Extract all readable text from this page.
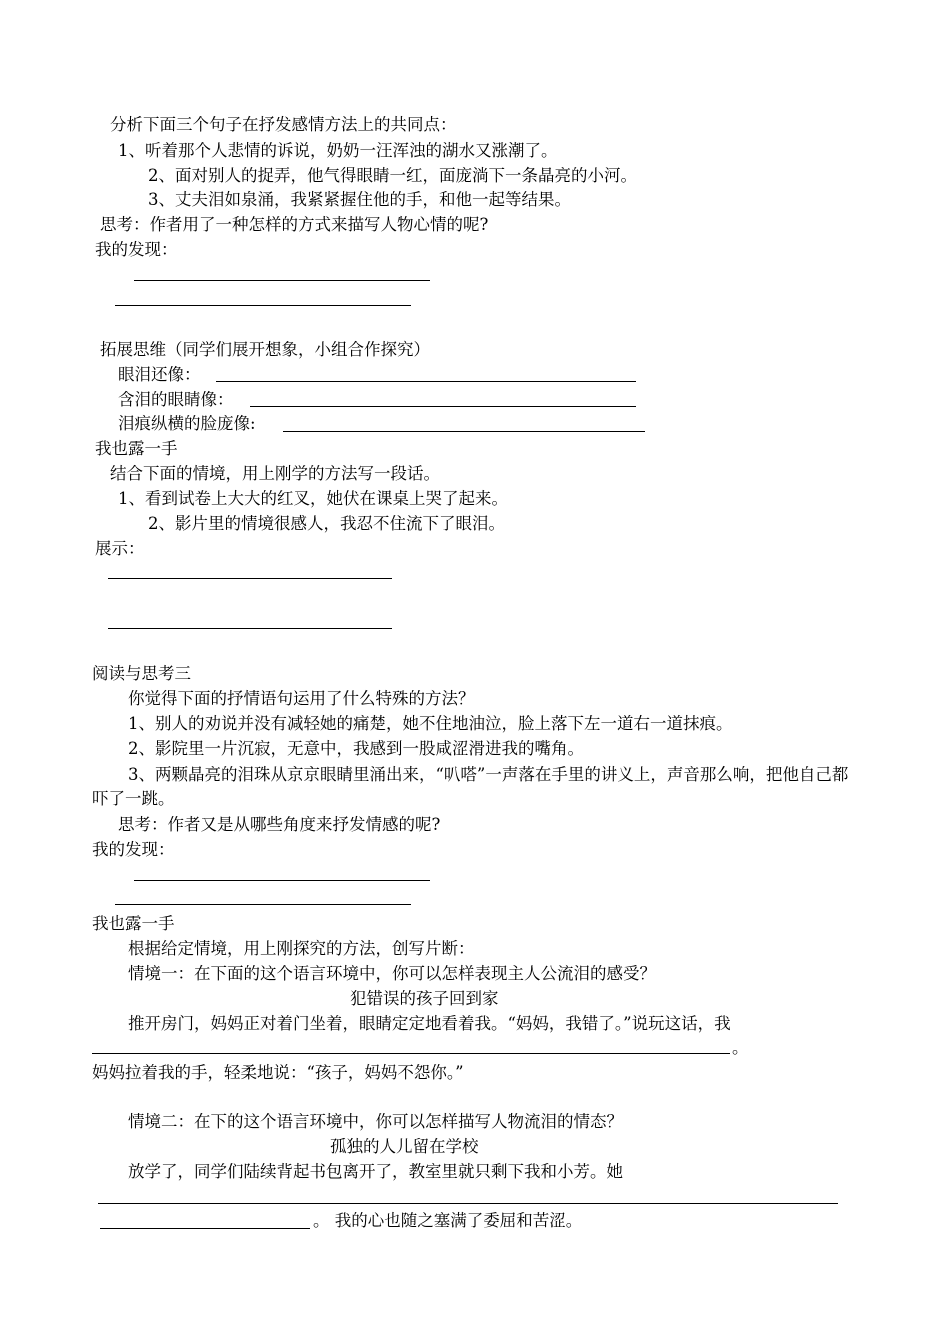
分析下面三个句子在抒发感情方法上的共同点：
1、听着那个人悲情的诉说，奶奶一汪浑浊的湖水又涨潮了。
2、面对别人的捉弄，他气得眼睛一红，面庞淌下一条晶亮的小河。
3、丈夫泪如泉涌，我紧紧握住他的手，和他一起等结果。
思考：作者用了一种怎样的方式来描写人物心情的呢?
我的发现：
拓展思维（同学们展开想象，小组合作探究）
眼泪还像：
含泪的眼睛像：
泪痕纵横的脸庞像:
我也露一手
结合下面的情境，用上刚学的方法写一段话。
1、看到试卷上大大的红叉，她伏在课桌上哭了起来。
2、影片里的情境很感人，我忍不住流下了眼泪。
展示：
阅读与思考三
你觉得下面的抒情语句运用了什么特殊的方法？
1、别人的劝说并没有减轻她的痛楚，她不住地油泣，脸上落下左一道右一道抹痕。
2、影院里一片沉寂，无意中，我感到一股咸涩滑进我的嘴角。
3、两颗晶亮的泪珠从京京眼睛里涌出来，“叭嗒”一声落在手里的讲义上，声音那么响，把他自己都吓了一跳。
思考：作者又是从哪些角度来抒发情感的呢?
我的发现：
我也露一手
根据给定情境，用上刚探究的方法，创写片断：
情境一：在下面的这个语言环境中，你可以怎样表现主人公流泪的感受？
犯错误的孩子回到家
推开房门，妈妈正对着门坐着，眼睛定定地看着我。“妈妈，我错了。”说玩这话，我
。
妈妈拉着我的手，轻柔地说：“孩子，妈妈不怨你。”
情境二：在下的这个语言环境中，你可以怎样描写人物流泪的情态？
孤独的人儿留在学校
放学了，同学们陆续背起书包离开了，教室里就只剩下我和小芳。她
。 我的心也随之塞满了委屈和苦涩。
